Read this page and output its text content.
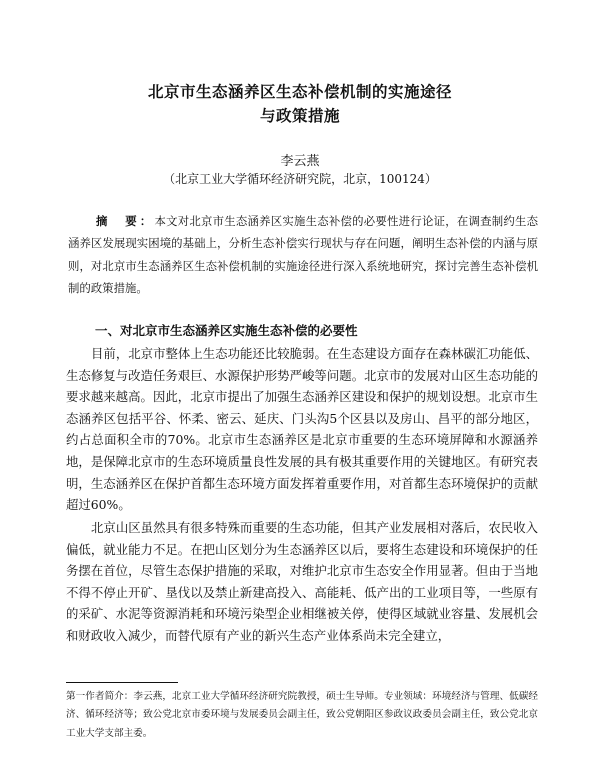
北京市生态涵养区生态补偿机制的实施途径
与政策措施
李云燕
（北京工业大学循环经济研究院，北京，100124）

摘　要：本文对北京市生态涵养区实施生态补偿的必要性进行论证，在调查制约生态涵养区发展现实困境的基础上，分析生态补偿实行现状与存在问题，阐明生态补偿的内涵与原则，对北京市生态涵养区生态补偿机制的实施途径进行深入系统地研究，探讨完善生态补偿机制的政策措施。

一、对北京市生态涵养区实施生态补偿的必要性

目前，北京市整体上生态功能还比较脆弱。在生态建设方面存在森林碳汇功能低、生态修复与改造任务艰巨、水源保护形势严峻等问题。北京市的发展对山区生态功能的要求越来越高。因此，北京市提出了加强生态涵养区建设和保护的规划设想。北京市生态涵养区包括平谷、怀柔、密云、延庆、门头沟5个区县以及房山、昌平的部分地区，约占总面积全市的70%。北京市生态涵养区是北京市重要的生态环境屏障和水源涵养地，是保障北京市的生态环境质量良性发展的具有极其重要作用的关键地区。有研究表明，生态涵养区在保护首都生态环境方面发挥着重要作用，对首都生态环境保护的贡献超过60%。

北京山区虽然具有很多特殊而重要的生态功能，但其产业发展相对落后，农民收入偏低，就业能力不足。在把山区划分为生态涵养区以后，要将生态建设和环境保护的任务摆在首位，尽管生态保护措施的采取，对维护北京市生态安全作用显著。但由于当地不得不停止开矿、垦伐以及禁止新建高投入、高能耗、低产出的工业项目等，一些原有的采矿、水泥等资源消耗和环境污染型企业相继被关停，使得区域就业容量、发展机会和财政收入减少，而替代原有产业的新兴生态产业体系尚未完全建立，

第一作者简介：李云燕，北京工业大学循环经济研究院教授，硕士生导师。专业领域：环境经济与管理、低碳经济、循环经济等；致公党北京市委环境与发展委员会副主任，致公党朝阳区参政议政委员会副主任，致公党北京工业大学支部主委。
